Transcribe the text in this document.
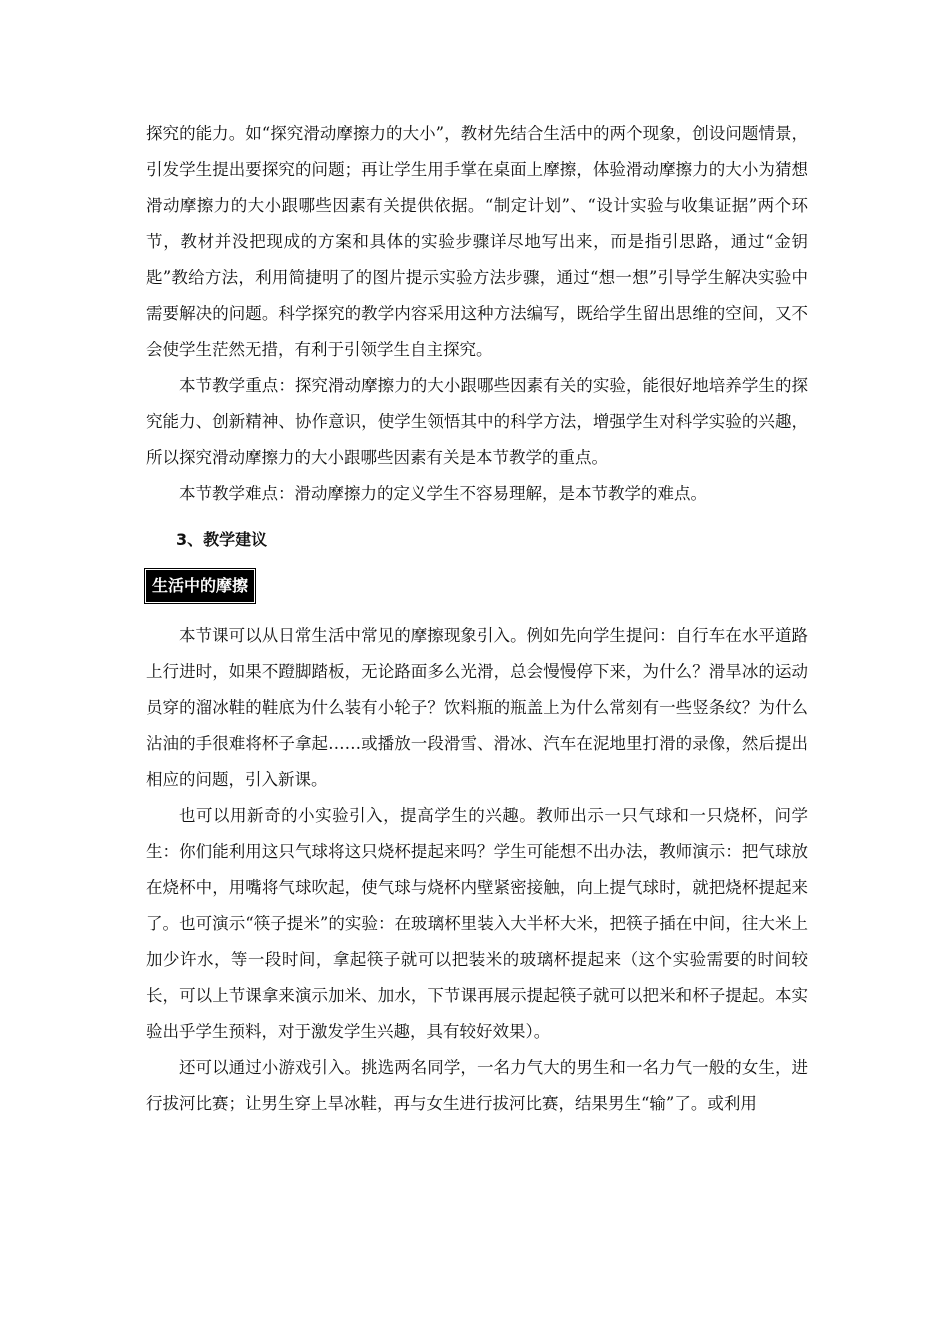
探究的能力。如“探究滑动摩擦力的大小”，教材先结合生活中的两个现象，创设问题情景，引发学生提出要探究的问题；再让学生用手掌在桌面上摩擦，体验滑动摩擦力的大小为猜想滑动摩擦力的大小跟哪些因素有关提供依据。“制定计划”、“设计实验与收集证据”两个环节，教材并没把现成的方案和具体的实验步骤详尽地写出来，而是指引思路，通过“金钥匙”教给方法，利用简捷明了的图片提示实验方法步骤，通过“想一想”引导学生解决实验中需要解决的问题。科学探究的教学内容采用这种方法编写，既给学生留出思维的空间，又不会使学生茫然无措，有利于引领学生自主探究。

本节教学重点：探究滑动摩擦力的大小跟哪些因素有关的实验，能很好地培养学生的探究能力、创新精神、协作意识，使学生领悟其中的科学方法，增强学生对科学实验的兴趣，所以探究滑动摩擦力的大小跟哪些因素有关是本节教学的重点。

本节教学难点：滑动摩擦力的定义学生不容易理解，是本节教学的难点。

3、教学建议
生活中的摩擦

本节课可以从日常生活中常见的摩擦现象引入。例如先向学生提问：自行车在水平道路上行进时，如果不蹬脚踏板，无论路面多么光滑，总会慢慢停下来，为什么？滑旱冰的运动员穿的溜冰鞋的鞋底为什么装有小轮子？饮料瓶的瓶盖上为什么常刻有一些竖条纹？为什么沾油的手很难将杯子拿起……或播放一段滑雪、滑冰、汽车在泥地里打滑的录像，然后提出相应的问题，引入新课。

也可以用新奇的小实验引入，提高学生的兴趣。教师出示一只气球和一只烧杯，问学生：你们能利用这只气球将这只烧杯提起来吗？学生可能想不出办法，教师演示：把气球放在烧杯中，用嘴将气球吹起，使气球与烧杯内壁紧密接触，向上提气球时，就把烧杯提起来了。也可演示“筷子提米”的实验：在玻璃杯里装入大半杯大米，把筷子插在中间，往大米上加少许水，等一段时间，拿起筷子就可以把装米的玻璃杯提起来（这个实验需要的时间较长，可以上节课拿来演示加米、加水，下节课再展示提起筷子就可以把米和杯子提起。本实验出乎学生预料，对于激发学生兴趣，具有较好效果）。

还可以通过小游戏引入。挑选两名同学，一名力气大的男生和一名力气一般的女生，进行拔河比赛；让男生穿上旱冰鞋，再与女生进行拔河比赛，结果男生“输”了。或利用
